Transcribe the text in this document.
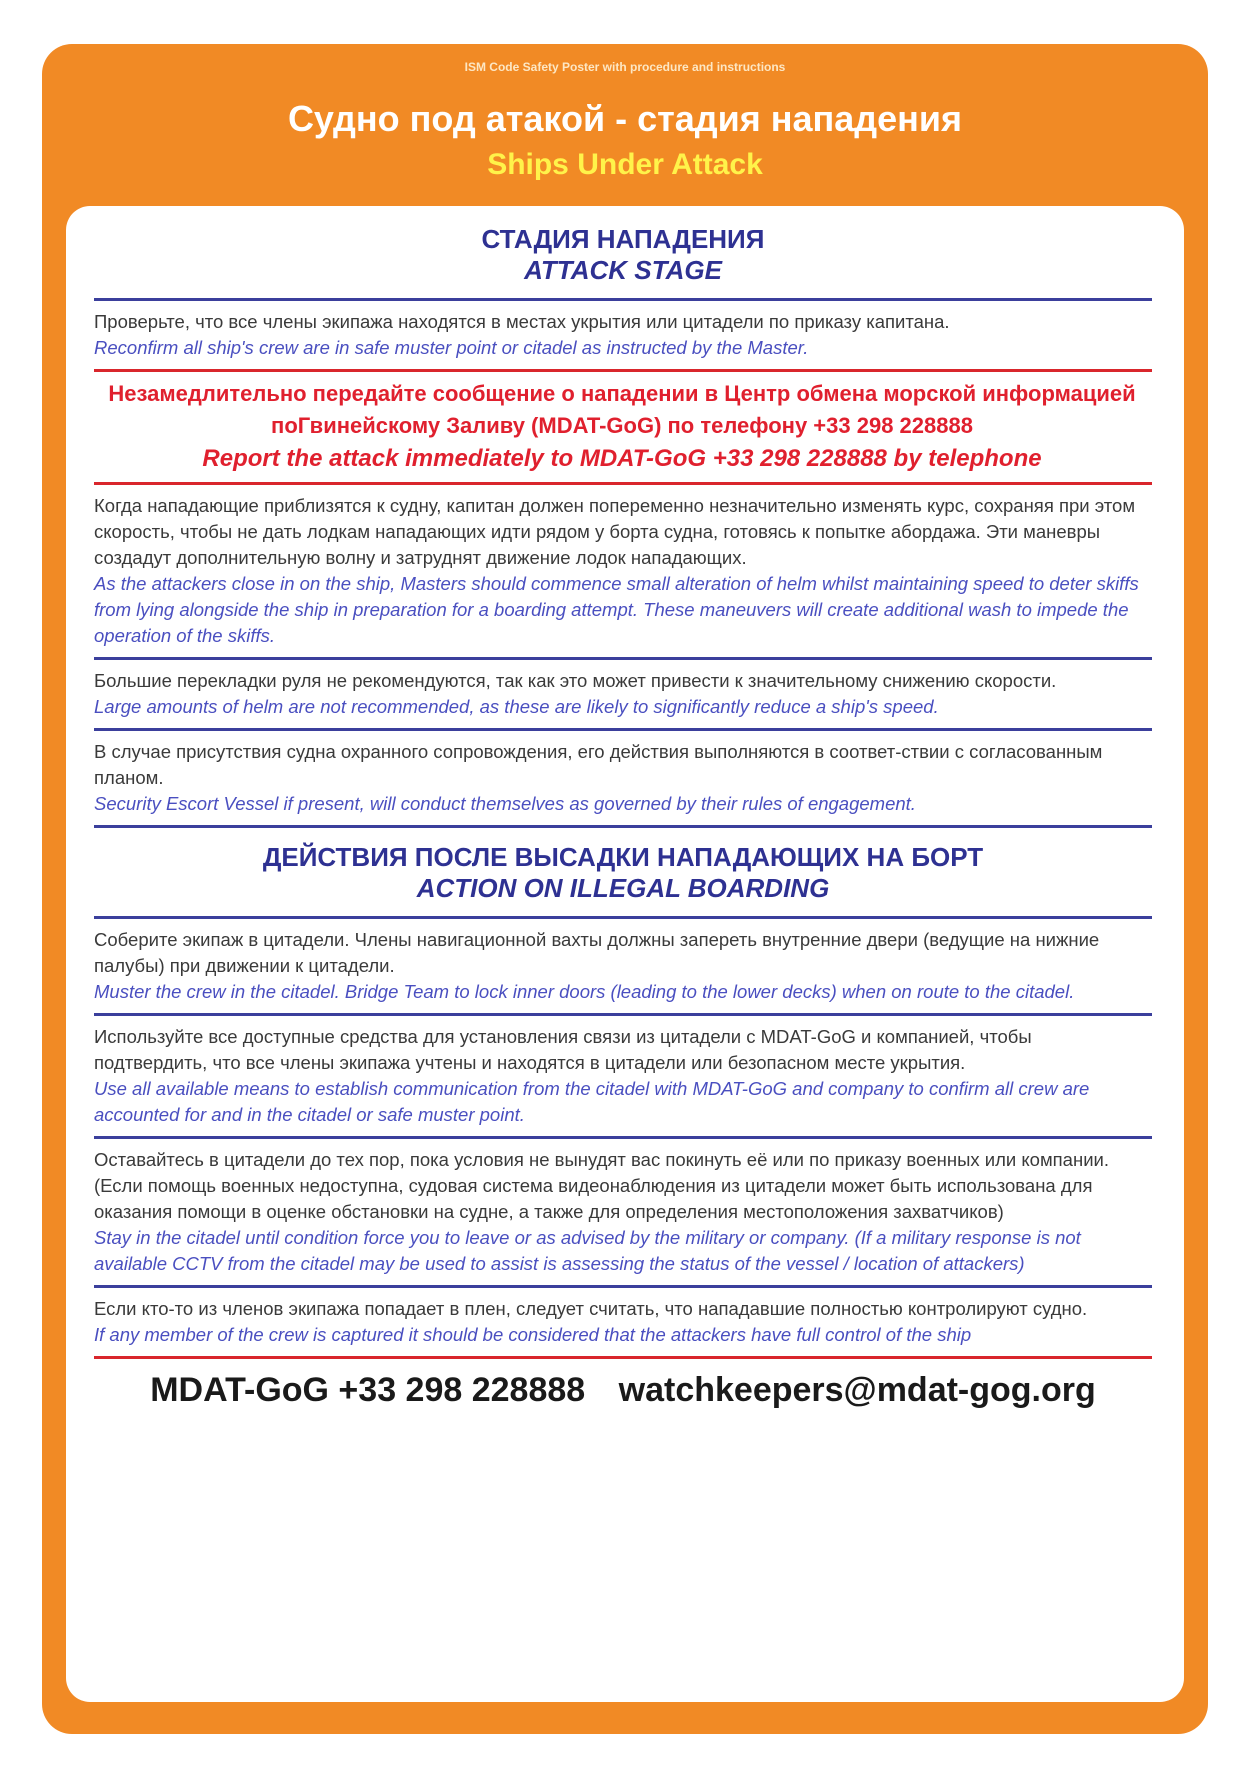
ISM Code Safety Poster with procedure and instructions
Судно под атакой - стадия нападения
Ships Under Attack
СТАДИЯ НАПАДЕНИЯ
ATTACK STAGE
Проверьте, что все члены экипажа находятся в местах укрытия или цитадели по приказу капитана.
Reconfirm all ship's crew are in safe muster point or citadel as instructed by the Master.
Незамедлительно передайте сообщение о нападении в Центр обмена морской информацией поГвинейскому Заливу (MDAT-GoG) по телефону +33 298 228888
Report the attack immediately to MDAT-GoG +33 298 228888 by telephone
Когда нападающие приблизятся к судну, капитан должен попеременно незначительно изменять курс, сохраняя при этом скорость, чтобы не дать лодкам нападающих идти рядом у борта судна, готовясь к попытке абордажа. Эти маневры создадут дополнительную волну и затруднят движение лодок нападающих.
As the attackers close in on the ship, Masters should commence small alteration of helm whilst maintaining speed to deter skiffs from lying alongside the ship in preparation for a boarding attempt. These maneuvers will create additional wash to impede the operation of the skiffs.
Большие перекладки руля не рекомендуются, так как это может привести к значительному снижению скорости.
Large amounts of helm are not recommended, as these are likely to significantly reduce a ship's speed.
В случае присутствия судна охранного сопровождения, его действия выполняются в соответ-ствии с согласованным планом.
Security Escort Vessel if present, will conduct themselves as governed by their rules of engagement.
ДЕЙСТВИЯ ПОСЛЕ ВЫСАДКИ НАПАДАЮЩИХ НА БОРТ
ACTION ON ILLEGAL BOARDING
Соберите экипаж в цитадели. Члены навигационной вахты должны запереть внутренние двери (ведущие на нижние палубы) при движении к цитадели.
Muster the crew in the citadel. Bridge Team to lock inner doors (leading to the lower decks) when on route to the citadel.
Используйте все доступные средства для установления связи из цитадели с MDAT-GoG и компанией, чтобы подтвердить, что все члены экипажа учтены и находятся в цитадели или безопасном месте укрытия.
Use all available means to establish communication from the citadel with MDAT-GoG and company to confirm all crew are accounted for and in the citadel or safe muster point.
Оставайтесь в цитадели до тех пор, пока условия не вынудят вас покинуть её или по приказу военных или компании. (Если помощь военных недоступна, судовая система видеонаблюдения из цитадели может быть использована для оказания помощи в оценке обстановки на судне, а также для определения местоположения захватчиков)
Stay in the citadel until condition force you to leave or as advised by the military or company. (If a military response is not available CCTV from the citadel may be used to assist is assessing the status of the vessel / location of attackers)
Если кто-то из членов экипажа попадает в плен, следует считать, что нападавшие полностью контролируют судно.
If any member of the crew is captured it should be considered that the attackers have full control of the ship
MDAT-GoG +33 298 228888 watchkeepers@mdat-gog.org
